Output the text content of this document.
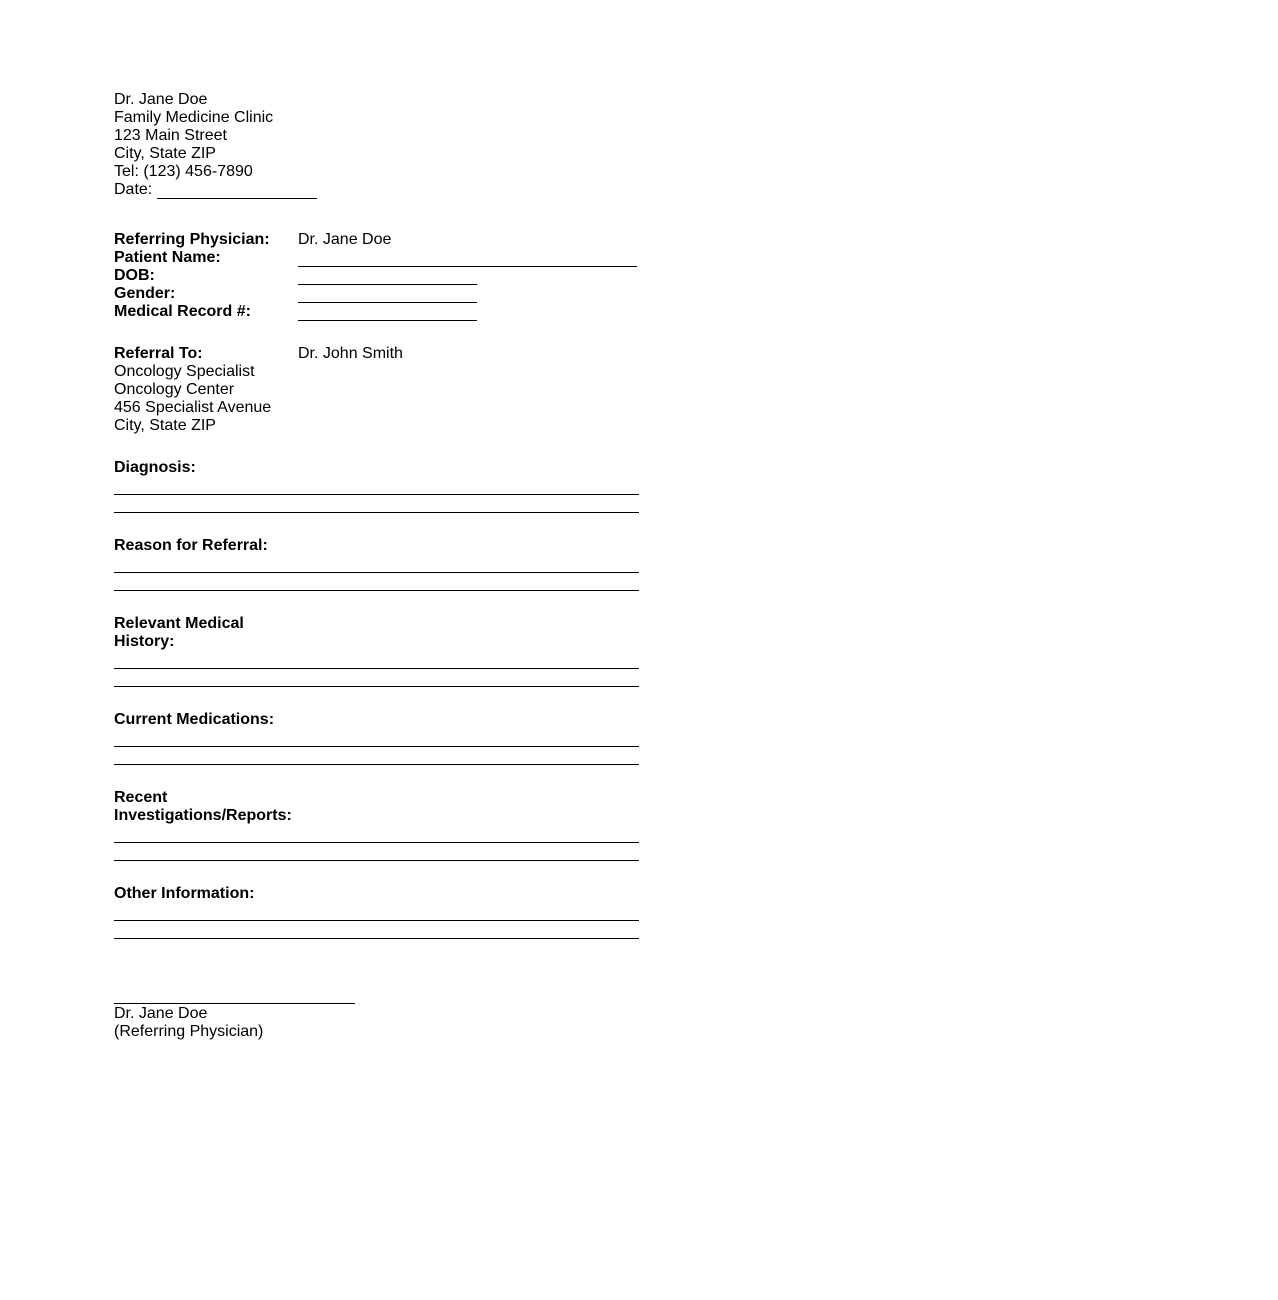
Dr. Jane Doe
Family Medicine Clinic
123 Main Street
City, State ZIP
Tel: (123) 456-7890
Date:
Referring Physician:
Patient Name:
DOB:
Gender:
Medical Record #:
Dr. Jane Doe
Referral To:
Oncology Specialist
Oncology Center
456 Specialist Avenue
City, State ZIP
Dr. John Smith
Diagnosis:
Reason for Referral:
Relevant Medical
History:
Current Medications:
Recent
Investigations/Reports:
Other Information:
Dr. Jane Doe
(Referring Physician)
